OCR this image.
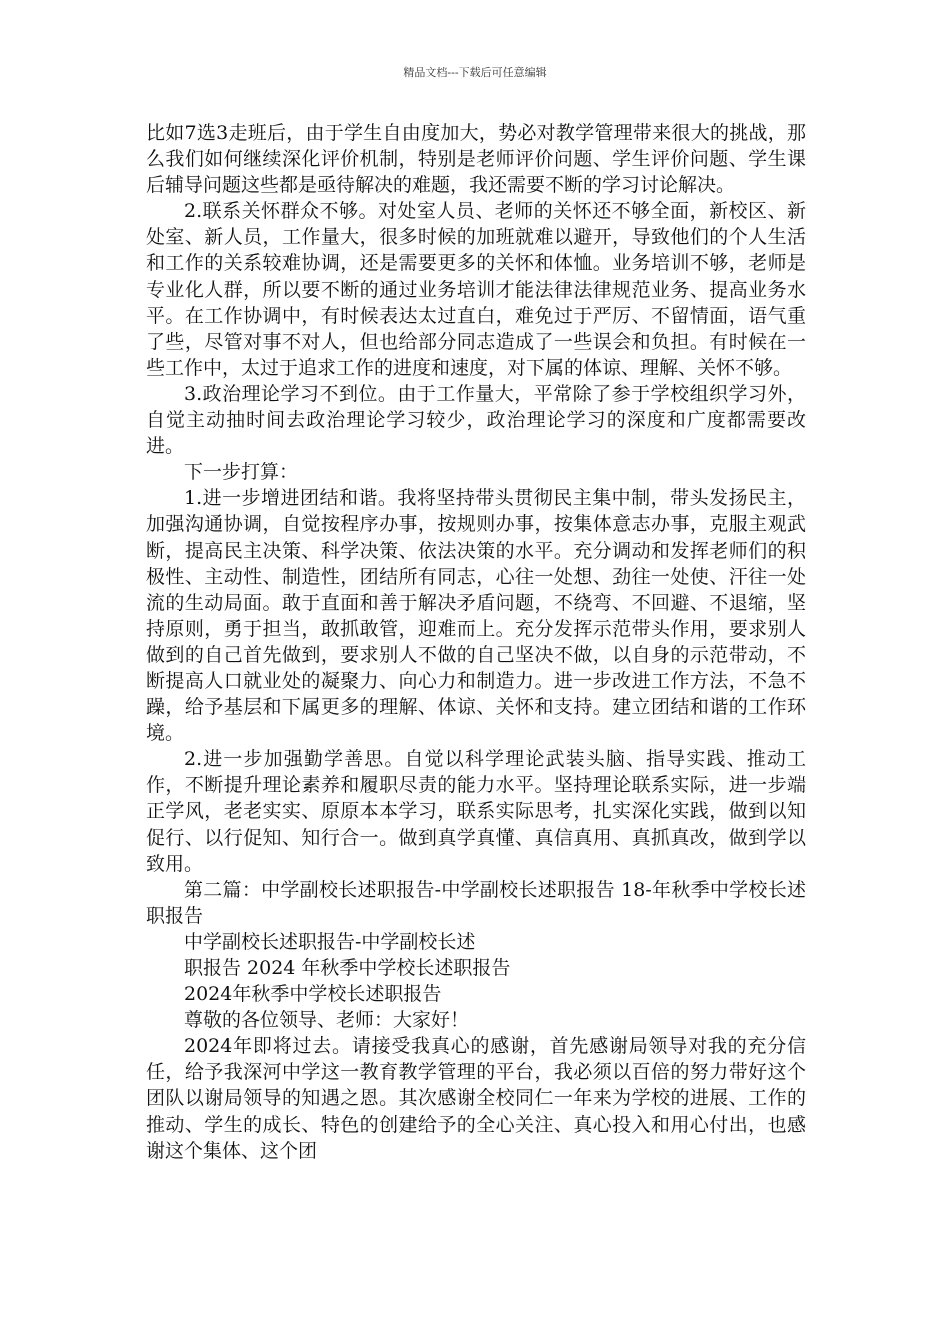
精品文档---下载后可任意编辑

比如7选3走班后，由于学生自由度加大，势必对教学管理带来很大的挑战，那么我们如何继续深化评价机制，特别是老师评价问题、学生评价问题、学生课后辅导问题这些都是亟待解决的难题，我还需要不断的学习讨论解决。

2.联系关怀群众不够。对处室人员、老师的关怀还不够全面，新校区、新处室、新人员，工作量大，很多时候的加班就难以避开，导致他们的个人生活和工作的关系较难协调，还是需要更多的关怀和体恤。业务培训不够，老师是专业化人群，所以要不断的通过业务培训才能法律法律规范业务、提高业务水平。在工作协调中，有时候表达太过直白，难免过于严厉、不留情面，语气重了些，尽管对事不对人，但也给部分同志造成了一些误会和负担。有时候在一些工作中，太过于追求工作的进度和速度，对下属的体谅、理解、关怀不够。

3.政治理论学习不到位。由于工作量大，平常除了参于学校组织学习外，自觉主动抽时间去政治理论学习较少，政治理论学习的深度和广度都需要改进。

下一步打算：

1.进一步增进团结和谐。我将坚持带头贯彻民主集中制，带头发扬民主，加强沟通协调，自觉按程序办事，按规则办事，按集体意志办事，克服主观武断，提高民主决策、科学决策、依法决策的水平。充分调动和发挥老师们的积极性、主动性、制造性，团结所有同志，心往一处想、劲往一处使、汗往一处流的生动局面。敢于直面和善于解决矛盾问题，不绕弯、不回避、不退缩，坚持原则，勇于担当，敢抓敢管，迎难而上。充分发挥示范带头作用，要求别人做到的自己首先做到，要求别人不做的自己坚决不做，以自身的示范带动，不断提高人口就业处的凝聚力、向心力和制造力。进一步改进工作方法，不急不躁，给予基层和下属更多的理解、体谅、关怀和支持。建立团结和谐的工作环境。

2.进一步加强勤学善思。自觉以科学理论武装头脑、指导实践、推动工作，不断提升理论素养和履职尽责的能力水平。坚持理论联系实际，进一步端正学风，老老实实、原原本本学习，联系实际思考，扎实深化实践，做到以知促行、以行促知、知行合一。做到真学真懂、真信真用、真抓真改，做到学以致用。

第二篇：中学副校长述职报告-中学副校长述职报告 18-年秋季中学校长述职报告

中学副校长述职报告-中学副校长述

职报告 2024 年秋季中学校长述职报告

2024年秋季中学校长述职报告

尊敬的各位领导、老师：大家好！

2024年即将过去。请接受我真心的感谢，首先感谢局领导对我的充分信任，给予我深河中学这一教育教学管理的平台，我必须以百倍的努力带好这个团队以谢局领导的知遇之恩。其次感谢全校同仁一年来为学校的进展、工作的推动、学生的成长、特色的创建给予的全心关注、真心投入和用心付出，也感谢这个集体、这个团
